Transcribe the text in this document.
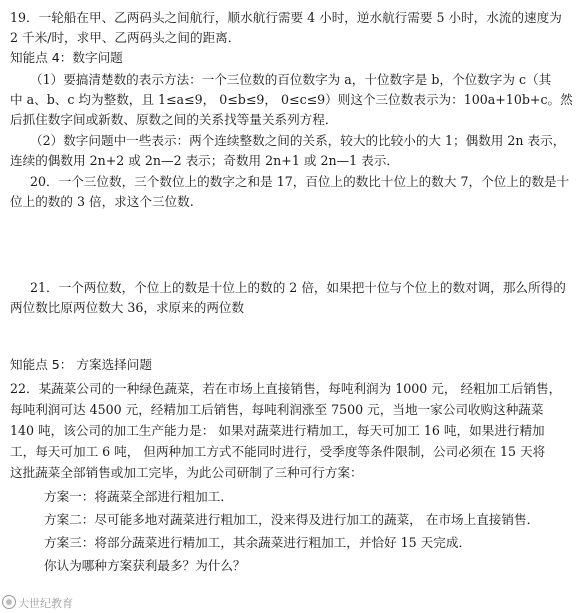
19．一轮船在甲、乙两码头之间航行，顺水航行需要 4 小时，逆水航行需要 5 小时，水流的速度为
2 千米/时，求甲、乙两码头之间的距离．
知能点 4：数字问题
（1）要搞清楚数的表示方法：一个三位数的百位数字为 a，十位数字是 b，个位数字为 c（其
中 a、b、c 均为整数，且 1≤a≤9， 0≤b≤9， 0≤c≤9）则这个三位数表示为：100a+10b+c。然
后抓住数字间或新数、原数之间的关系找等量关系列方程．
（2）数字问题中一些表示：两个连续整数之间的关系，较大的比较小的大 1；偶数用 2n 表示，
连续的偶数用 2n+2 或 2n—2 表示；奇数用 2n+1 或 2n—1 表示．
20．一个三位数，三个数位上的数字之和是 17，百位上的数比十位上的数大 7，个位上的数是十
位上的数的 3 倍，求这个三位数.
21．一个两位数，个位上的数是十位上的数的 2 倍，如果把十位与个位上的数对调，那么所得的
两位数比原两位数大 36，求原来的两位数
知能点 5： 方案选择问题
22．某蔬菜公司的一种绿色蔬菜，若在市场上直接销售，每吨利润为 1000 元， 经粗加工后销售，
每吨利润可达 4500 元，经精加工后销售，每吨利润涨至 7500 元，当地一家公司收购这种蔬菜
140 吨，该公司的加工生产能力是： 如果对蔬菜进行精加工，每天可加工 16 吨，如果进行精加
工，每天可加工 6 吨， 但两种加工方式不能同时进行，受季度等条件限制，公司必须在 15 天将
这批蔬菜全部销售或加工完毕，为此公司研制了三种可行方案：
方案一：将蔬菜全部进行粗加工．
方案二：尽可能多地对蔬菜进行粗加工，没来得及进行加工的蔬菜， 在市场上直接销售．
方案三：将部分蔬菜进行精加工，其余蔬菜进行粗加工，并恰好 15 天完成．
你认为哪种方案获利最多？为什么？
大世纪教育
